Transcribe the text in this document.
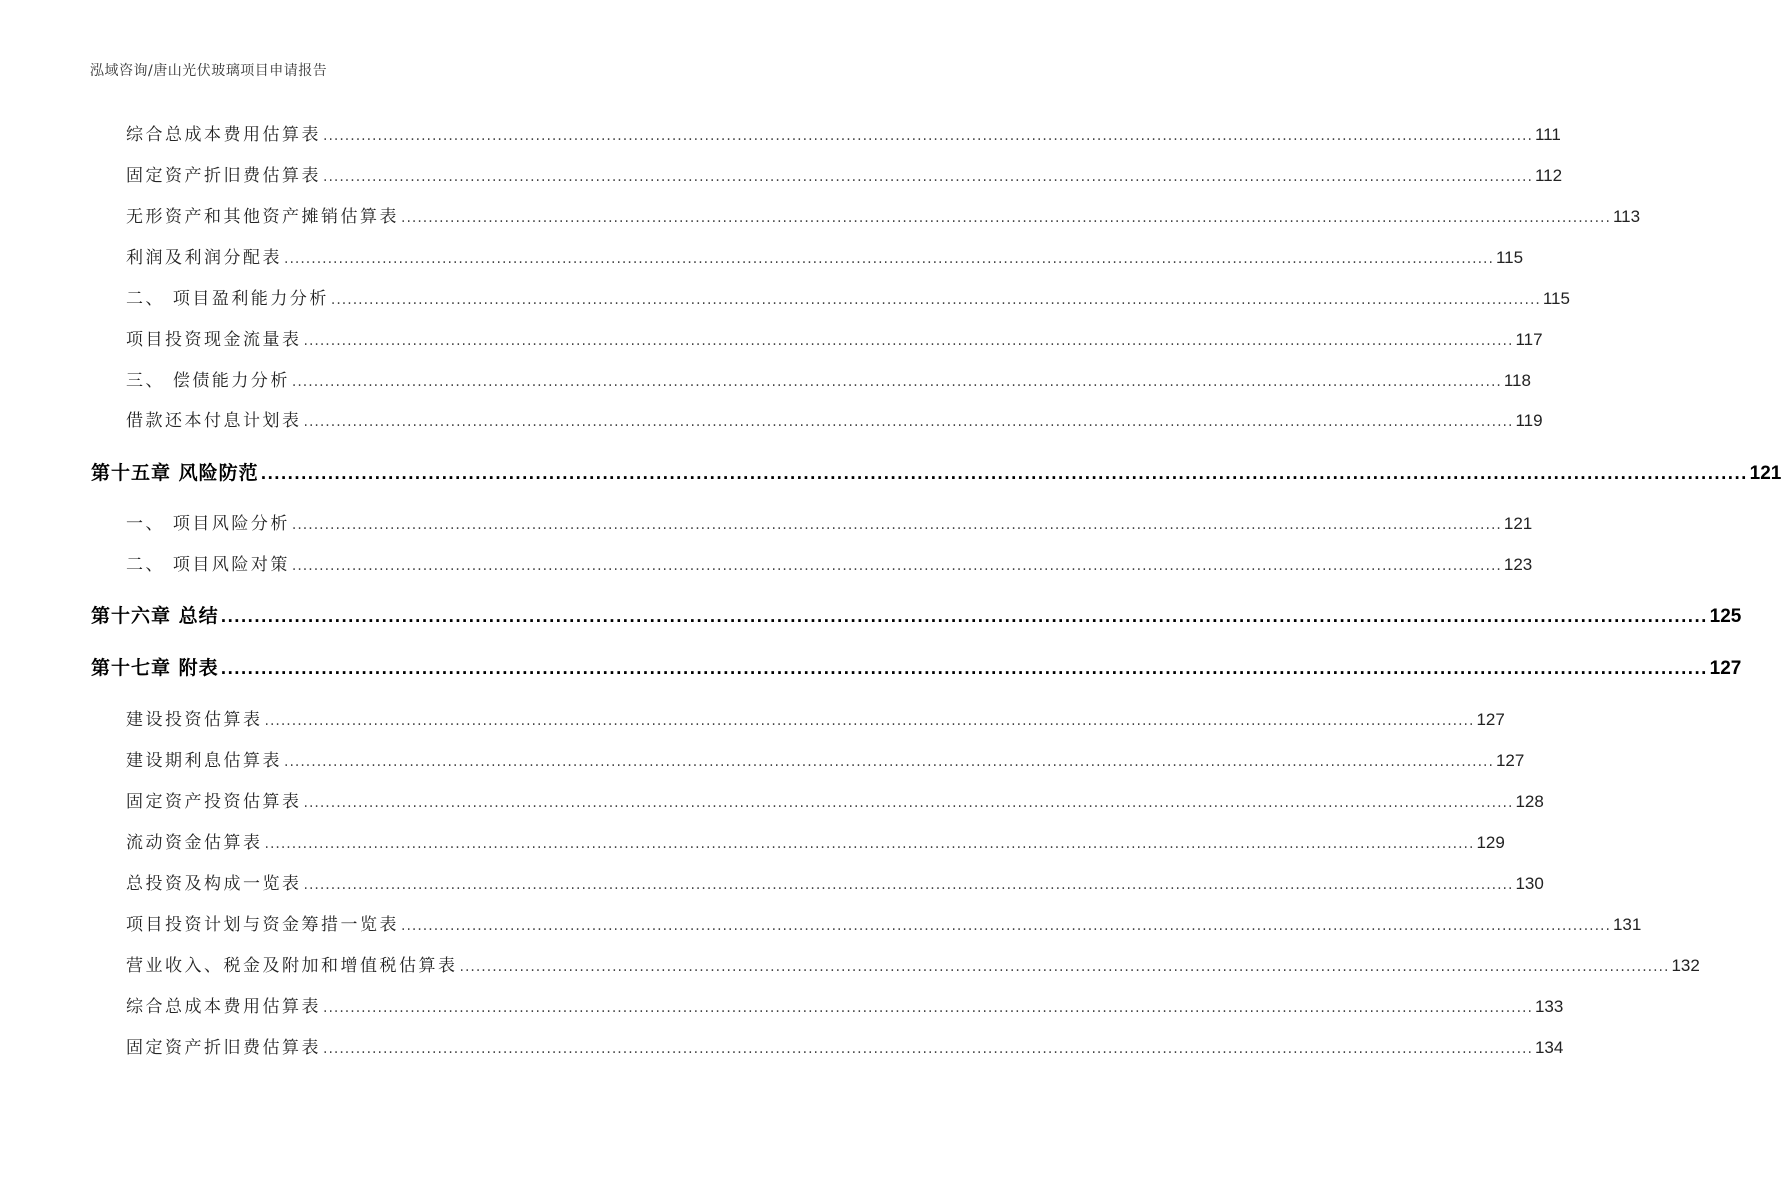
泓域咨询/唐山光伏玻璃项目申请报告
综合总成本费用估算表 .............................................................................................................................................................................................................................. 111
固定资产折旧费估算表 .............................................................................................................................................................................................................................. 112
无形资产和其他资产摊销估算表 .............................................................................................................................................................................................................................. 113
利润及利润分配表 .............................................................................................................................................................................................................................. 115
二、 项目盈利能力分析 .............................................................................................................................................................................................................................. 115
项目投资现金流量表 .............................................................................................................................................................................................................................. 117
三、 偿债能力分析 .............................................................................................................................................................................................................................. 118
借款还本付息计划表 .............................................................................................................................................................................................................................. 119
第十五章 风险防范 .............................................................................................................................................................................................................................. 121
一、 项目风险分析 .............................................................................................................................................................................................................................. 121
二、 项目风险对策 .............................................................................................................................................................................................................................. 123
第十六章 总结 .............................................................................................................................................................................................................................. 125
第十七章 附表 .............................................................................................................................................................................................................................. 127
建设投资估算表 .............................................................................................................................................................................................................................. 127
建设期利息估算表 .............................................................................................................................................................................................................................. 127
固定资产投资估算表 .............................................................................................................................................................................................................................. 128
流动资金估算表 .............................................................................................................................................................................................................................. 129
总投资及构成一览表 .............................................................................................................................................................................................................................. 130
项目投资计划与资金筹措一览表 .............................................................................................................................................................................................................................. 131
营业收入、税金及附加和增值税估算表 .............................................................................................................................................................................................................................. 132
综合总成本费用估算表 .............................................................................................................................................................................................................................. 133
固定资产折旧费估算表 .............................................................................................................................................................................................................................. 134
